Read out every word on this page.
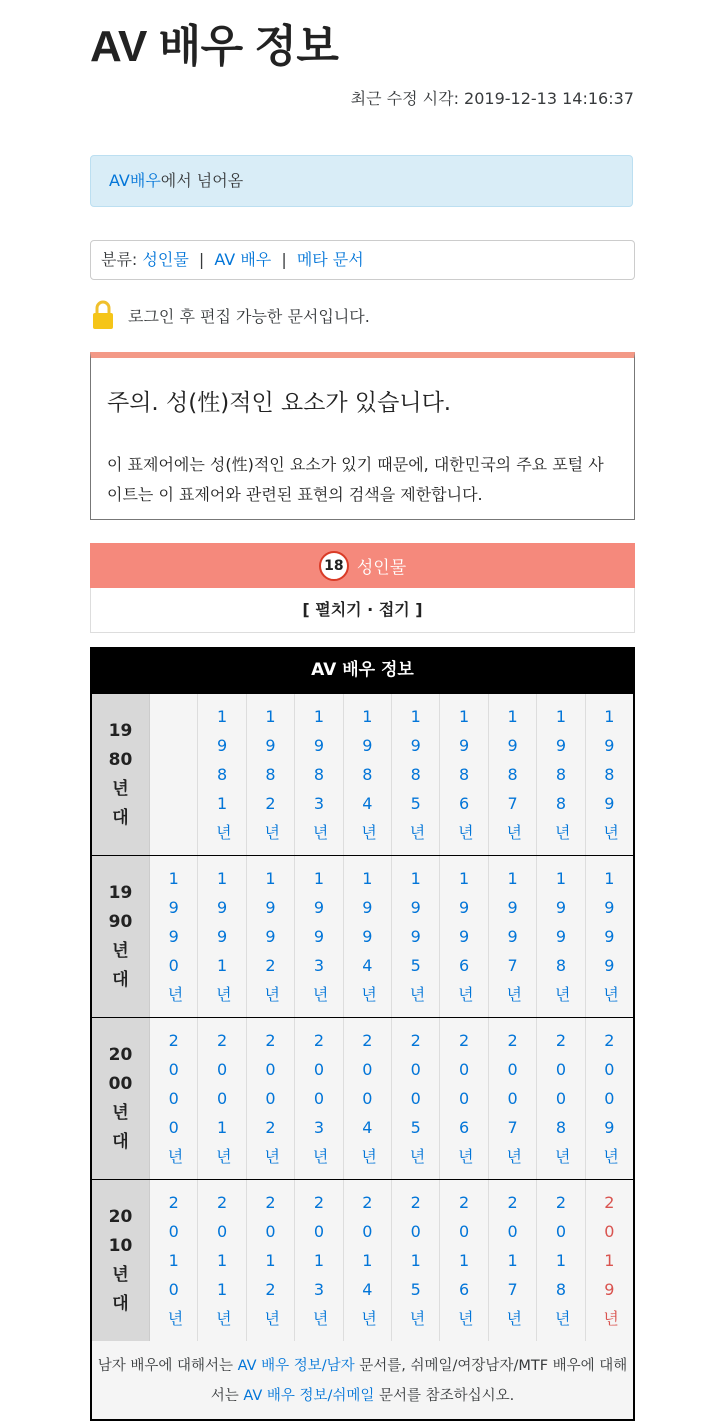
AV 배우 정보
최근 수정 시각: 2019-12-13 14:16:37
AV배우에서 넘어옴
분류: 성인물 | AV 배우 | 메타 문서
로그인 후 편집 가능한 문서입니다.
주의. 성(性)적인 요소가 있습니다.
이 표제어에는 성(性)적인 요소가 있기 때문에, 대한민국의 주요 포털 사이트는 이 표제어와 관련된 표현의 검색을 제한합니다.
18 성인물
[ 펼치기 · 접기 ]
AV 배우 정보
1980년대
1981년
1982년
1983년
1984년
1985년
1986년
1987년
1988년
1989년
1990년대
1990년
1991년
1992년
1993년
1994년
1995년
1996년
1997년
1998년
1999년
2000년대
2000년
2001년
2002년
2003년
2004년
2005년
2006년
2007년
2008년
2009년
2010년대
2010년
2011년
2012년
2013년
2014년
2015년
2016년
2017년
2018년
2019년
남자 배우에 대해서는 AV 배우 정보/남자 문서를, 쉬메일/여장남자/MTF 배우에 대해서는 AV 배우 정보/쉬메일 문서를 참조하십시오.
